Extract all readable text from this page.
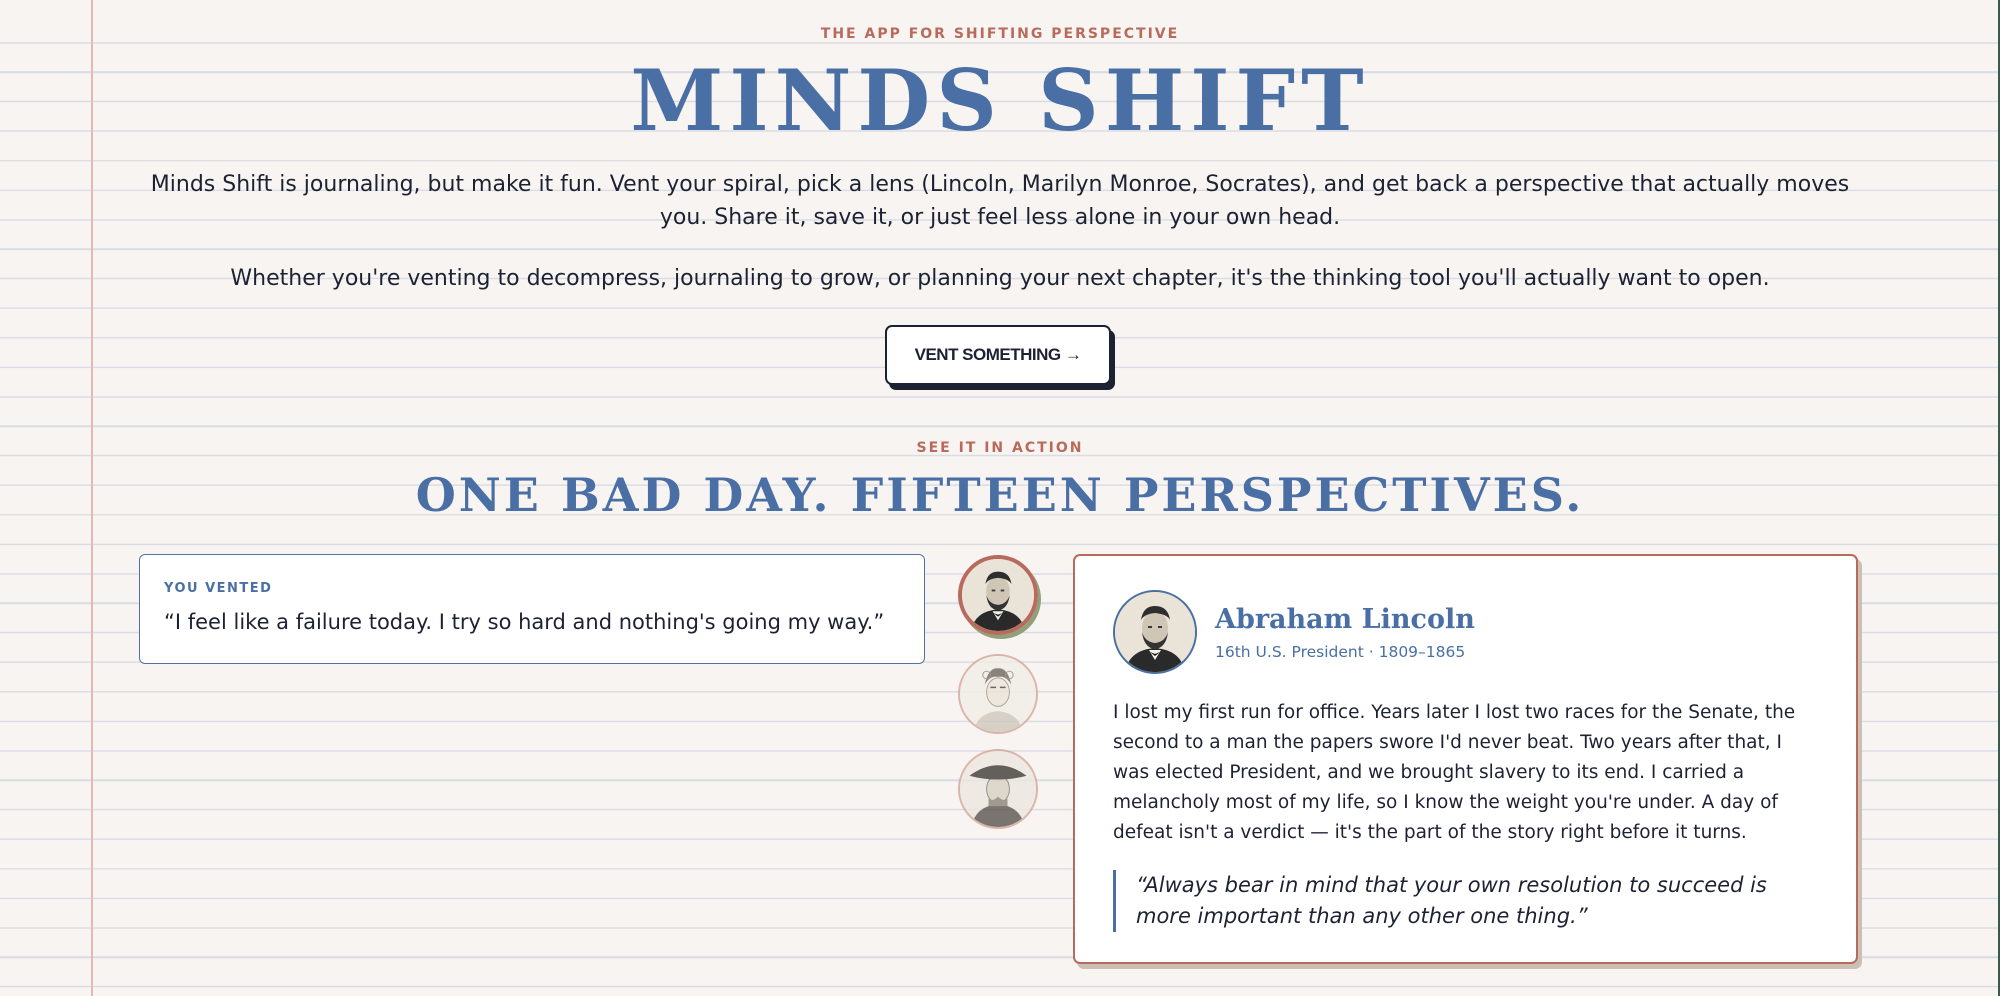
THE APP FOR SHIFTING PERSPECTIVE
MINDS SHIFT

Minds Shift is journaling, but make it fun. Vent your spiral, pick a lens (Lincoln, Marilyn Monroe, Socrates), and get back a perspective that actually moves you. Share it, save it, or just feel less alone in your own head.

Whether you're venting to decompress, journaling to grow, or planning your next chapter, it's the thinking tool you'll actually want to open.

VENT SOMETHING →
SEE IT IN ACTION
ONE BAD DAY. FIFTEEN PERSPECTIVES.
YOU VENTED
“I feel like a failure today. I try so hard and nothing's going my way.”	Abraham Lincoln
16th U.S. President · 1809–1865

I lost my first run for office. Years later I lost two races for the Senate, the second to a man the papers swore I'd never beat. Two years after that, I was elected President, and we brought slavery to its end. I carried a melancholy most of my life, so I know the weight you're under. A day of defeat isn't a verdict — it's the part of the story right before it turns.

“Always bear in mind that your own resolution to succeed is more important than any other one thing.”
